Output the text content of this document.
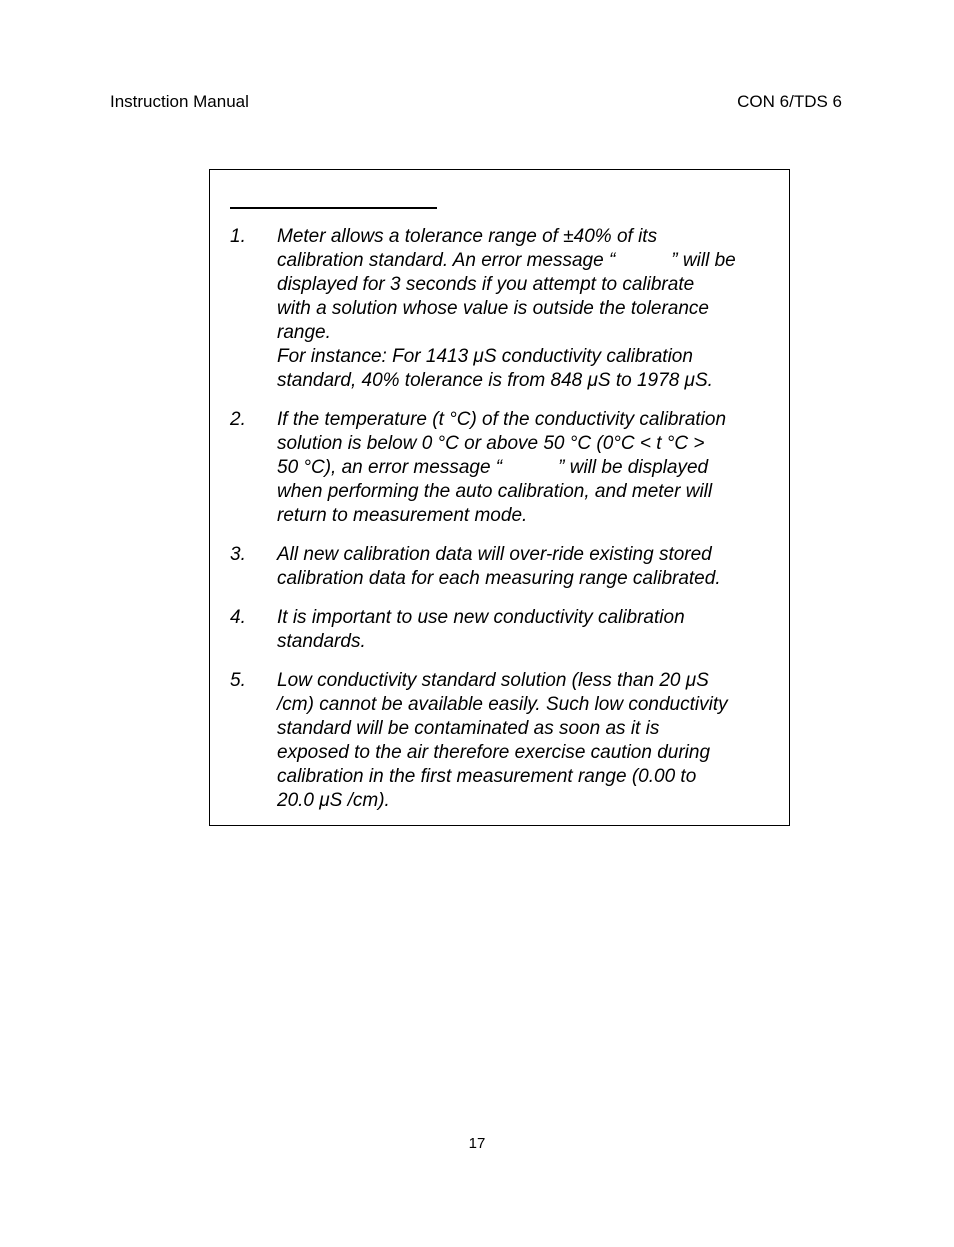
Instruction Manual	CON 6/TDS 6
1.	Meter allows a tolerance range of ±40% of its
calibration standard. An error message “	” will be
displayed for 3 seconds if you attempt to calibrate
with a solution whose value is outside the tolerance
range.
For instance: For 1413 μS conductivity calibration
standard, 40% tolerance is from 848 μS to 1978 μS.
2.	If the temperature (t °C) of the conductivity calibration
solution is below 0 °C or above 50 °C (0°C < t °C >
50 °C), an error message “	” will be displayed
when performing the auto calibration, and meter will
return to measurement mode.
3.	All new calibration data will over-ride existing stored
calibration data for each measuring range calibrated.
4.	It is important to use new conductivity calibration
standards.
5.	Low conductivity standard solution (less than 20 μS
/cm) cannot be available easily. Such low conductivity
standard will be contaminated as soon as it is
exposed to the air therefore exercise caution during
calibration in the first measurement range (0.00 to
20.0 μS /cm).
17
